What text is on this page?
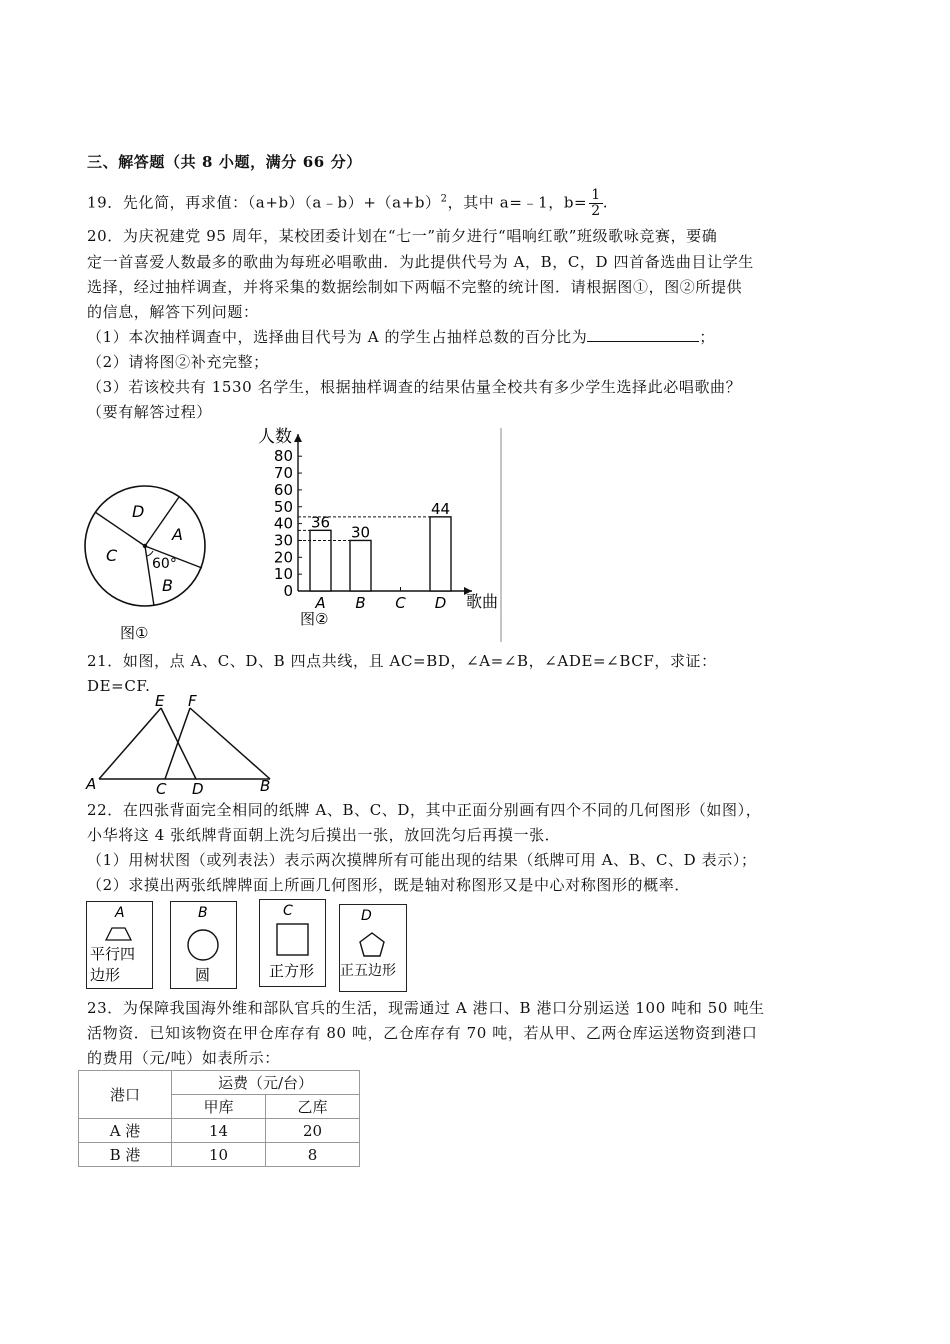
三、解答题（共 8 小题，满分 66 分）
19．先化简，再求值：$(a+b)(a﹣b)+(a+b)^2$，其中 a=﹣1，$b= \frac{1}{2}$ .
20．为庆祝建党 95 周年，某校团委计划在“七一”前夕进行“唱响红歌”班级歌咏竞赛，要确
定一首喜爱人数最多的歌曲为每班必唱歌曲．为此提供代号为 A，B，C，D 四首备选曲目让学生
选择，经过抽样调查，并将采集的数据绘制如下两幅不完整的统计图．请根据图①，图②所提供
的信息，解答下列问题：
（1）本次抽样调查中，选择曲目代号为 A 的学生占抽样总数的百分比为	；
（2）请将图②补充完整；
（3）若该校共有 1530 名学生，根据抽样调查的结果估量全校共有多少学生选择此必唱歌曲？
（要有解答过程）
D
A
C
B
60°
图①
0
10
20
30
40
50
60
70
80
36
A
30
B C
44
D
人数
歌曲
图②
21．如图，点 A、C、D、B 四点共线，且 AC=BD，∠A=∠B，∠ADE=∠BCF，求证：
DE=CF.
E F
A	B
C D
22．在四张背面完全相同的纸牌 A、B、C、D，其中正面分别画有四个不同的几何图形（如图），
小华将这 4 张纸牌背面朝上洗匀后摸出一张，放回洗匀后再摸一张．
（1）用树状图（或列表法）表示两次摸牌所有可能出现的结果（纸牌可用 A、B、C、D 表示）；
（2）求摸出两张纸牌牌面上所画几何图形，既是轴对称图形又是中心对称图形的概率．
A
平行四
边形
B
圆
C
正方形
D
正五边形
23．为保障我国海外维和部队官兵的生活，现需通过 A 港口、B 港口分别运送 100 吨和 50 吨生
活物资．已知该物资在甲仓库存有 80 吨，乙仓库存有 70 吨，若从甲、乙两仓库运送物资到港口
的费用（元/吨）如表所示：
港口	运费（元/台）	
	甲库	乙库
A 港	14	20
B 港	10	8
